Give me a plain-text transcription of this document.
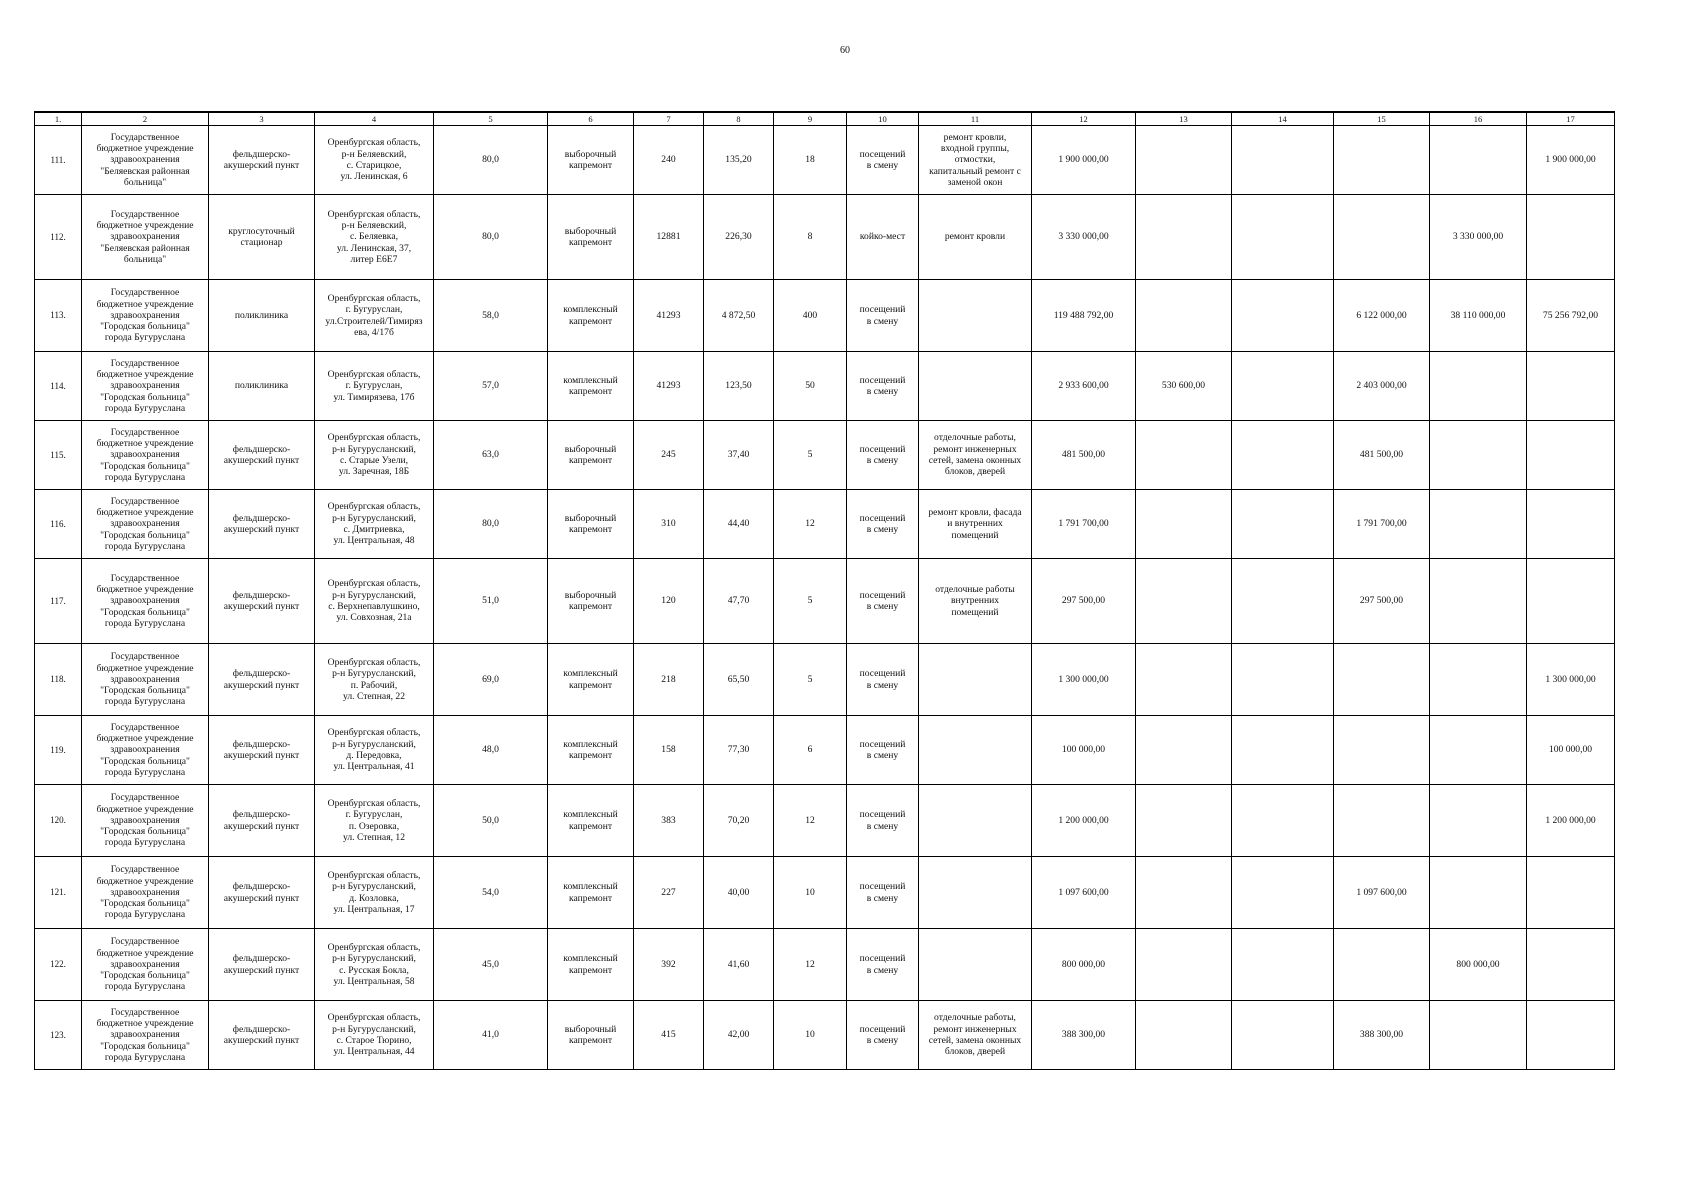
60
1.	2	3	4	5	6	7	8	9	10	11	12	13	14	15	16	17

111.	Государственное
бюджетное учреждение
здравоохранения
"Беляевская районная
больница"	фельдшерско-
акушерский пункт	Оренбургская область,
р-н Беляевский,
с. Старицкое,
ул. Ленинская, 6	80,0	выборочный
капремонт	240	135,20	18	посещений
в смену	ремонт кровли,
входной группы,
отмостки,
капитальный ремонт с
заменой окон	1 900 000,00					1 900 000,00

112.	Государственное
бюджетное учреждение
здравоохранения
"Беляевская районная
больница"	круглосуточный
стационар	Оренбургская область,
р-н Беляевский,
с. Беляевка,
ул. Ленинская, 37,
литер Е6Е7	80,0	выборочный
капремонт	12881	226,30	8	койко-мест	ремонт кровли	3 330 000,00				3 330 000,00	

113.	Государственное
бюджетное учреждение
здравоохранения
"Городская больница"
города Бугуруслана	поликлиника	Оренбургская область,
г. Бугуруслан,
ул.Строителей/Тимиряз
ева, 4/17б	58,0	комплексный
капремонт	41293	4 872,50	400	посещений
в смену		119 488 792,00			6 122 000,00	38 110 000,00	75 256 792,00

114.	Государственное
бюджетное учреждение
здравоохранения
"Городская больница"
города Бугуруслана	поликлиника	Оренбургская область,
г. Бугуруслан,
ул. Тимирязева, 17б	57,0	комплексный
капремонт	41293	123,50	50	посещений
в смену		2 933 600,00	530 600,00		2 403 000,00		

115.	Государственное
бюджетное учреждение
здравоохранения
"Городская больница"
города Бугуруслана	фельдшерско-
акушерский пункт	Оренбургская область,
р-н Бугурусланский,
с. Старые Узели,
ул. Заречная, 18Б	63,0	выборочный
капремонт	245	37,40	5	посещений
в смену	отделочные работы,
ремонт инженерных
сетей, замена оконных
блоков, дверей	481 500,00			481 500,00		

116.	Государственное
бюджетное учреждение
здравоохранения
"Городская больница"
города Бугуруслана	фельдшерско-
акушерский пункт	Оренбургская область,
р-н Бугурусланский,
с. Дмитриевка,
ул. Центральная, 48	80,0	выборочный
капремонт	310	44,40	12	посещений
в смену	ремонт кровли, фасада
и внутренних
помещений	1 791 700,00			1 791 700,00		

117.	Государственное
бюджетное учреждение
здравоохранения
"Городская больница"
города Бугуруслана	фельдшерско-
акушерский пункт	Оренбургская область,
р-н Бугурусланский,
с. Верхнепавлушкино,
ул. Совхозная, 21а	51,0	выборочный
капремонт	120	47,70	5	посещений
в смену	отделочные работы
внутренних
помещений	297 500,00			297 500,00		

118.	Государственное
бюджетное учреждение
здравоохранения
"Городская больница"
города Бугуруслана	фельдшерско-
акушерский пункт	Оренбургская область,
р-н Бугурусланский,
п. Рабочий,
ул. Степная, 22	69,0	комплексный
капремонт	218	65,50	5	посещений
в смену		1 300 000,00					1 300 000,00

119.	Государственное
бюджетное учреждение
здравоохранения
"Городская больница"
города Бугуруслана	фельдшерско-
акушерский пункт	Оренбургская область,
р-н Бугурусланский,
д. Передовка,
ул. Центральная, 41	48,0	комплексный
капремонт	158	77,30	6	посещений
в смену		100 000,00					100 000,00

120.	Государственное
бюджетное учреждение
здравоохранения
"Городская больница"
города Бугуруслана	фельдшерско-
акушерский пункт	Оренбургская область,
г. Бугуруслан,
п. Озеровка,
ул. Степная, 12	50,0	комплексный
капремонт	383	70,20	12	посещений
в смену		1 200 000,00					1 200 000,00

121.	Государственное
бюджетное учреждение
здравоохранения
"Городская больница"
города Бугуруслана	фельдшерско-
акушерский пункт	Оренбургская область,
р-н Бугурусланский,
д. Козловка,
ул. Центральная, 17	54,0	комплексный
капремонт	227	40,00	10	посещений
в смену		1 097 600,00			1 097 600,00		

122.	Государственное
бюджетное учреждение
здравоохранения
"Городская больница"
города Бугуруслана	фельдшерско-
акушерский пункт	Оренбургская область,
р-н Бугурусланский,
с. Русская Бокла,
ул. Центральная, 58	45,0	комплексный
капремонт	392	41,60	12	посещений
в смену		800 000,00				800 000,00	

123.	Государственное
бюджетное учреждение
здравоохранения
"Городская больница"
города Бугуруслана	фельдшерско-
акушерский пункт	Оренбургская область,
р-н Бугурусланский,
с. Старое Тюрино,
ул. Центральная, 44	41,0	выборочный
капремонт	415	42,00	10	посещений
в смену	отделочные работы,
ремонт инженерных
сетей, замена оконных
блоков, дверей	388 300,00			388 300,00		
